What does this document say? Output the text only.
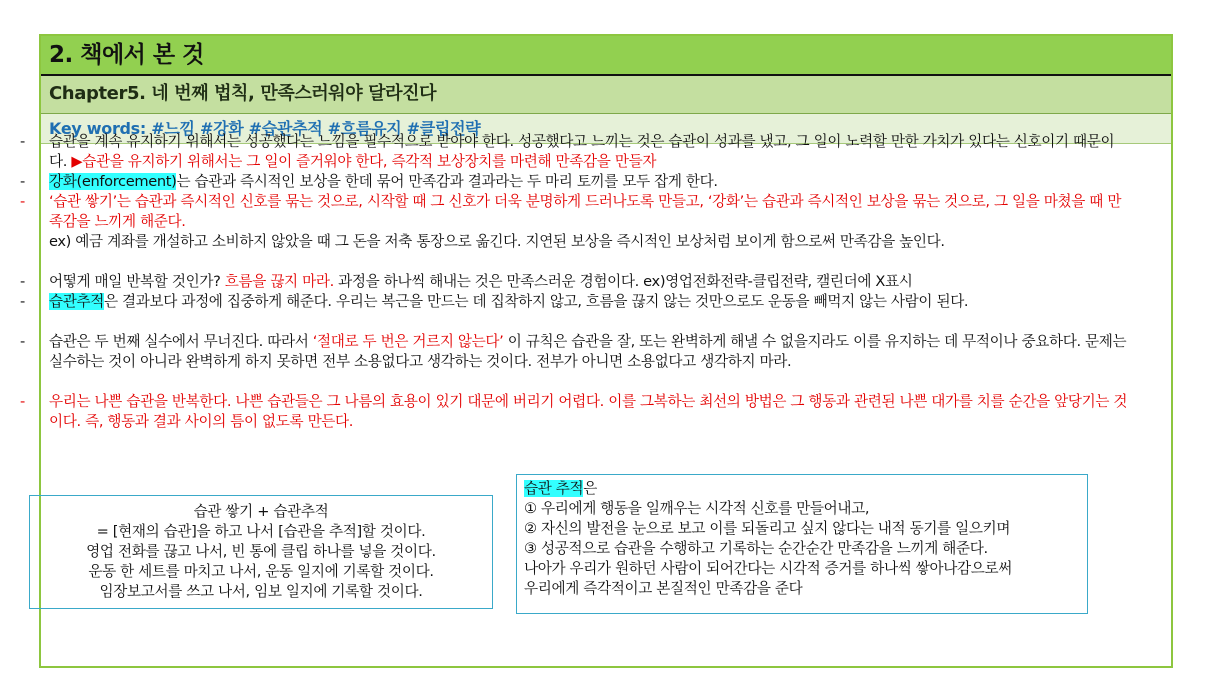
2. 책에서 본 것
Chapter5. 네 번째 법칙, 만족스러워야 달라진다
Key words: #느낌 #강화 #습관추적 #흐름유지 #클립전략
- 습관을 계속 유지하기 위해서는 성공했다는 느낌을 필수적으로 받아야 한다. 성공했다고 느끼는 것은 습관이 성과를 냈고, 그 일이 노력할 만한 가치가 있다는 신호이기 때문이다. ▶습관을 유지하기 위해서는 그 일이 즐거워야 한다, 즉각적 보상장치를 마련해 만족감을 만들자
- 강화(enforcement)는 습관과 즉시적인 보상을 한데 묶어 만족감과 결과라는 두 마리 토끼를 모두 잡게 한다.
- ‘습관 쌓기’는 습관과 즉시적인 신호를 묶는 것으로, 시작할 때 그 신호가 더욱 분명하게 드러나도록 만들고, ‘강화’는 습관과 즉시적인 보상을 묶는 것으로, 그 일을 마쳤을 때 만족감을 느끼게 해준다.
ex) 예금 계좌를 개설하고 소비하지 않았을 때 그 돈을 저축 통장으로 옮긴다. 지연된 보상을 즉시적인 보상처럼 보이게 함으로써 만족감을 높인다.
- 어떻게 매일 반복할 것인가? 흐름을 끊지 마라. 과정을 하나씩 해내는 것은 만족스러운 경험이다. ex)영업전화전략-클립전략, 캘린더에 X표시
- 습관추적은 결과보다 과정에 집중하게 해준다. 우리는 복근을 만드는 데 집착하지 않고, 흐름을 끊지 않는 것만으로도 운동을 빼먹지 않는 사람이 된다.
- 습관은 두 번째 실수에서 무너진다. 따라서 ‘절대로 두 번은 거르지 않는다’ 이 규칙은 습관을 잘, 또는 완벽하게 해낼 수 없을지라도 이를 유지하는 데 무적이나 중요하다. 문제는 실수하는 것이 아니라 완벽하게 하지 못하면 전부 소용없다고 생각하는 것이다. 전부가 아니면 소용없다고 생각하지 마라.
- 우리는 나쁜 습관을 반복한다. 나쁜 습관들은 그 나름의 효용이 있기 대문에 버리기 어렵다. 이를 그복하는 최선의 방법은 그 행동과 관련된 나쁜 대가를 치를 순간을 앞당기는 것이다. 즉, 행동과 결과 사이의 틈이 없도록 만든다.
습관 쌓기 + 습관추적
= [현재의 습관]을 하고 나서 [습관을 추적]할 것이다.
영업 전화를 끊고 나서, 빈 통에 클립 하나를 넣을 것이다.
운동 한 세트를 마치고 나서, 운동 일지에 기록할 것이다.
임장보고서를 쓰고 나서, 임보 일지에 기록할 것이다.
습관 추적은
① 우리에게 행동을 일깨우는 시각적 신호를 만들어내고,
② 자신의 발전을 눈으로 보고 이를 되돌리고 싶지 않다는 내적 동기를 일으키며
③ 성공적으로 습관을 수행하고 기록하는 순간순간 만족감을 느끼게 해준다.
나아가 우리가 원하던 사람이 되어간다는 시각적 증거를 하나씩 쌓아나감으로써
우리에게 즉각적이고 본질적인 만족감을 준다
